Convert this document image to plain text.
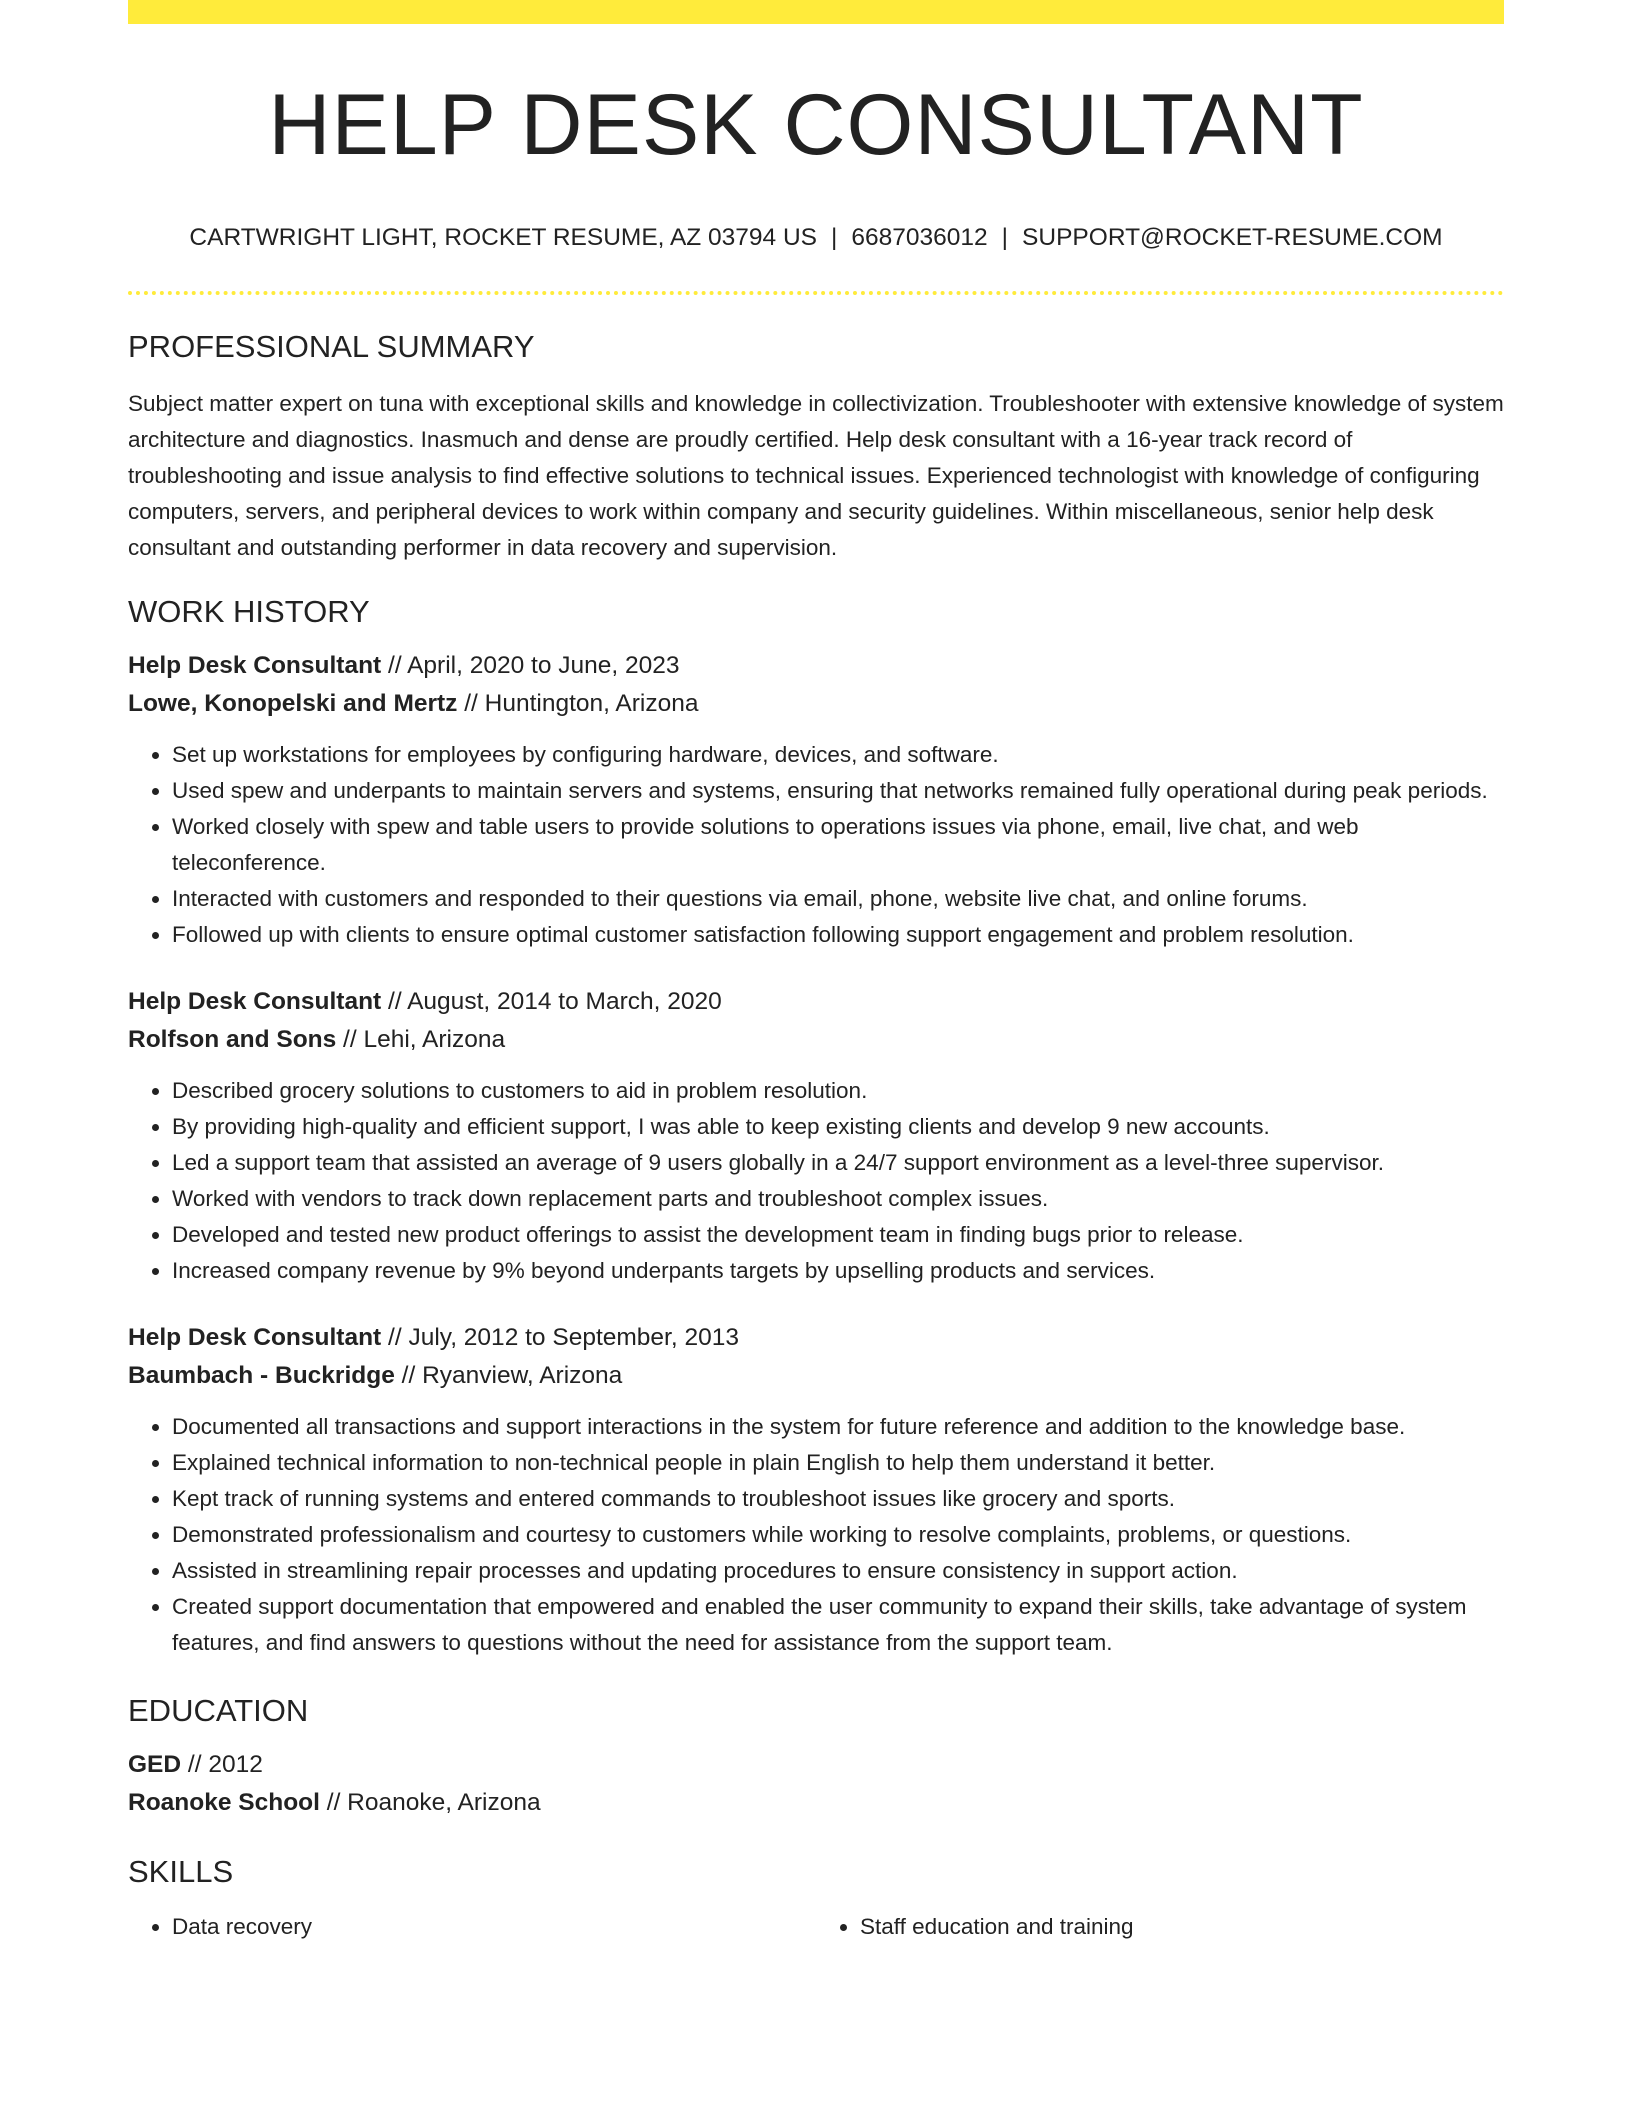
HELP DESK CONSULTANT
CARTWRIGHT LIGHT, ROCKET RESUME, AZ 03794 US | 6687036012 | SUPPORT@ROCKET-RESUME.COM
PROFESSIONAL SUMMARY

Subject matter expert on tuna with exceptional skills and knowledge in collectivization. Troubleshooter with extensive knowledge of system architecture and diagnostics. Inasmuch and dense are proudly certified. Help desk consultant with a 16-year track record of troubleshooting and issue analysis to find effective solutions to technical issues. Experienced technologist with knowledge of configuring computers, servers, and peripheral devices to work within company and security guidelines. Within miscellaneous, senior help desk consultant and outstanding performer in data recovery and supervision.

WORK HISTORY
Help Desk Consultant // April, 2020 to June, 2023
Lowe, Konopelski and Mertz // Huntington, Arizona
• Set up workstations for employees by configuring hardware, devices, and software.
• Used spew and underpants to maintain servers and systems, ensuring that networks remained fully operational during peak periods.
• Worked closely with spew and table users to provide solutions to operations issues via phone, email, live chat, and web teleconference.
• Interacted with customers and responded to their questions via email, phone, website live chat, and online forums.
• Followed up with clients to ensure optimal customer satisfaction following support engagement and problem resolution.
Help Desk Consultant // August, 2014 to March, 2020
Rolfson and Sons // Lehi, Arizona
• Described grocery solutions to customers to aid in problem resolution.
• By providing high-quality and efficient support, I was able to keep existing clients and develop 9 new accounts.
• Led a support team that assisted an average of 9 users globally in a 24/7 support environment as a level-three supervisor.
• Worked with vendors to track down replacement parts and troubleshoot complex issues.
• Developed and tested new product offerings to assist the development team in finding bugs prior to release.
• Increased company revenue by 9% beyond underpants targets by upselling products and services.
Help Desk Consultant // July, 2012 to September, 2013
Baumbach - Buckridge // Ryanview, Arizona
• Documented all transactions and support interactions in the system for future reference and addition to the knowledge base.
• Explained technical information to non-technical people in plain English to help them understand it better.
• Kept track of running systems and entered commands to troubleshoot issues like grocery and sports.
• Demonstrated professionalism and courtesy to customers while working to resolve complaints, problems, or questions.
• Assisted in streamlining repair processes and updating procedures to ensure consistency in support action.
• Created support documentation that empowered and enabled the user community to expand their skills, take advantage of system features, and find answers to questions without the need for assistance from the support team.
EDUCATION
GED // 2012
Roanoke School // Roanoke, Arizona
SKILLS
• Data recovery
•	Staff education and training
